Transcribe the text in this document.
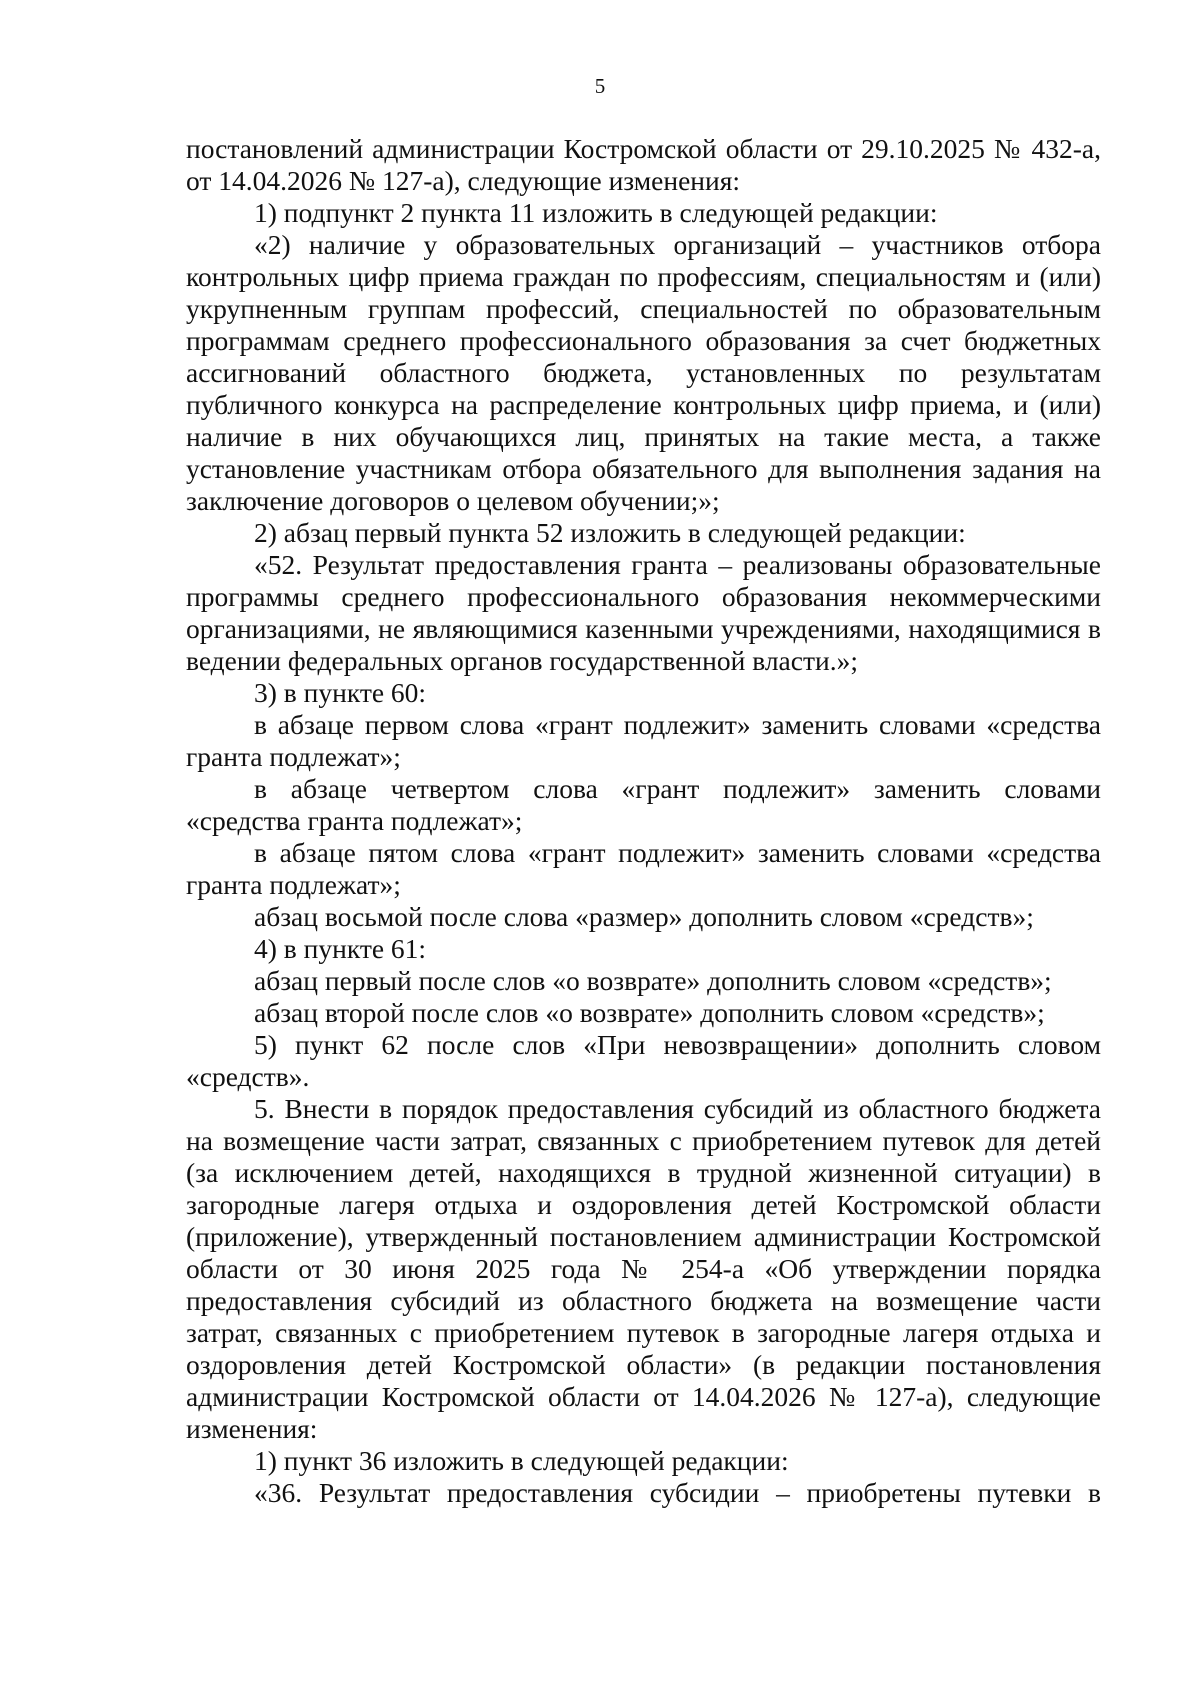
5

постановлений администрации Костромской области от 29.10.2025 № 432-а, от 14.04.2026 № 127-а), следующие изменения:

1) подпункт 2 пункта 11 изложить в следующей редакции:

«2) наличие у образовательных организаций – участников отбора контрольных цифр приема граждан по профессиям, специальностям и (или) укрупненным группам профессий, специальностей по образовательным программам среднего профессионального образования за счет бюджетных ассигнований областного бюджета, установленных по результатам публичного конкурса на распределение контрольных цифр приема, и (или) наличие в них обучающихся лиц, принятых на такие места, а также установление участникам отбора обязательного для выполнения задания на заключение договоров о целевом обучении;»;

2) абзац первый пункта 52 изложить в следующей редакции:

«52. Результат предоставления гранта – реализованы образовательные программы среднего профессионального образования некоммерческими организациями, не являющимися казенными учреждениями, находящимися в ведении федеральных органов государственной власти.»;

3) в пункте 60:

в абзаце первом слова «грант подлежит» заменить словами «средства гранта подлежат»;

в абзаце четвертом слова «грант подлежит» заменить словами «средства гранта подлежат»;

в абзаце пятом слова «грант подлежит» заменить словами «средства гранта подлежат»;

абзац восьмой после слова «размер» дополнить словом «средств»;

4) в пункте 61:

абзац первый после слов «о возврате» дополнить словом «средств»;

абзац второй после слов «о возврате» дополнить словом «средств»;

5) пункт 62 после слов «При невозвращении» дополнить словом «средств».

5. Внести в порядок предоставления субсидий из областного бюджета на возмещение части затрат, связанных с приобретением путевок для детей (за исключением детей, находящихся в трудной жизненной ситуации) в загородные лагеря отдыха и оздоровления детей Костромской области (приложение), утвержденный постановлением администрации Костромской области от 30 июня 2025 года № 254-а «Об утверждении порядка предоставления субсидий из областного бюджета на возмещение части затрат, связанных с приобретением путевок в загородные лагеря отдыха и оздоровления детей Костромской области» (в редакции постановления администрации Костромской области от 14.04.2026 № 127-а), следующие изменения:

1) пункт 36 изложить в следующей редакции:

«36. Результат предоставления субсидии – приобретены путевки в
